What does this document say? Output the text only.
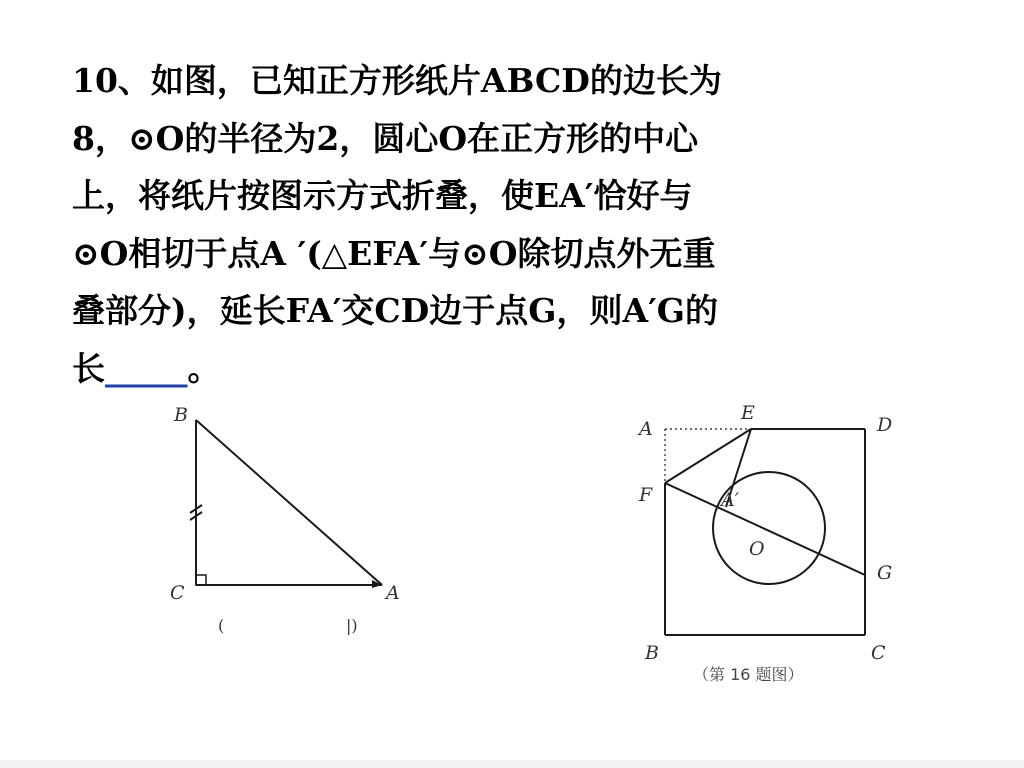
10、如图，已知正方形纸片ABCD的边长为
8，⊙O的半径为2，圆心O在正方形的中心
上，将纸片按图示方式折叠，使EA′恰好与
⊙O相切于点A ′(△EFA′与⊙O除切点外无重
叠部分)，延长FA′交CD边于点G，则A′G的
长_____。
B
C	A
(	|)
A
E
D
F	A′
O
G
B	C
（第 16 题图）
